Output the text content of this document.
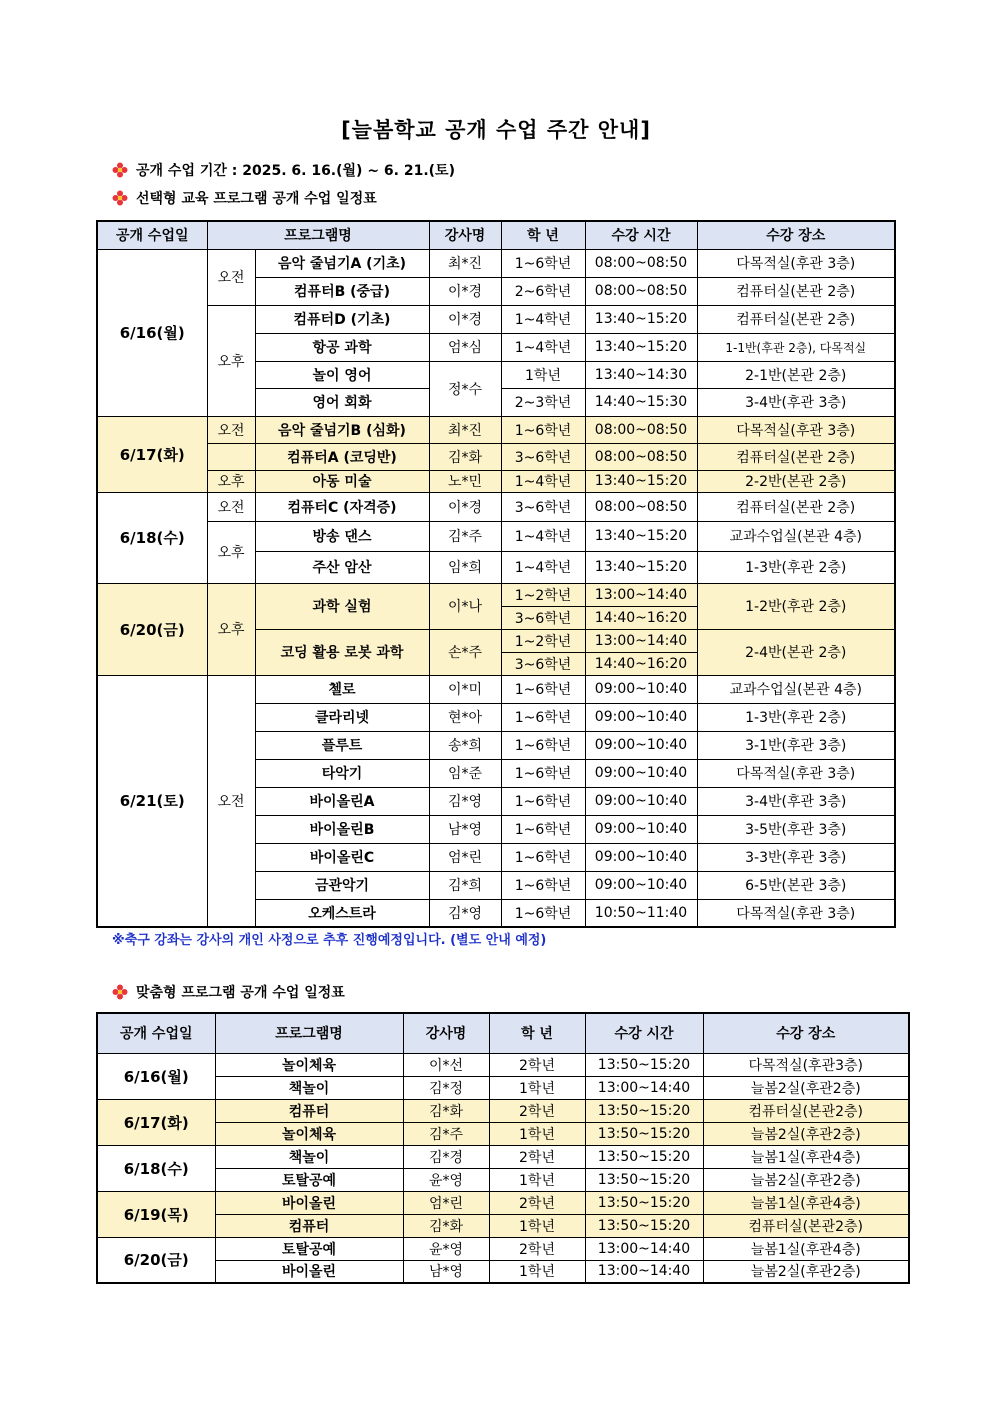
[늘봄학교 공개 수업 주간 안내]
공개 수업 기간 : 2025. 6. 16.(월) ~ 6. 21.(토)
선택형 교육 프로그램 공개 수업 일정표
공개 수업일	프로그램명		강사명	학 년	수강 시간	수강 장소
6/16(월)	오전	음악 줄넘기A (기초)	최*진	1~6학년	08:00~08:50	다목적실(후관 3층)
		컴퓨터B (중급)	이*경	2~6학년	08:00~08:50	컴퓨터실(본관 2층)
	오후	컴퓨터D (기초)	이*경	1~4학년	13:40~15:20	컴퓨터실(본관 2층)
		항공 과학	엄*심	1~4학년	13:40~15:20	1-1반(후관 2층), 다목적실
		놀이 영어	정*수	1학년	13:40~14:30	2-1반(본관 2층)
		영어 회화		2~3학년	14:40~15:30	3-4반(후관 3층)
6/17(화)	오전	음악 줄넘기B (심화)	최*진	1~6학년	08:00~08:50	다목적실(후관 3층)
		컴퓨터A (코딩반)	김*화	3~6학년	08:00~08:50	컴퓨터실(본관 2층)
	오후	아동 미술	노*민	1~4학년	13:40~15:20	2-2반(본관 2층)
6/18(수)	오전	컴퓨터C (자격증)	이*경	3~6학년	08:00~08:50	컴퓨터실(본관 2층)
	오후	방송 댄스	김*주	1~4학년	13:40~15:20	교과수업실(본관 4층)
		주산 암산	임*희	1~4학년	13:40~15:20	1-3반(후관 2층)
6/20(금)	오후	과학 실험	이*나	1~2학년	13:00~14:40	1-2반(후관 2층)
				3~6학년	14:40~16:20	
		코딩 활용 로봇 과학	손*주	1~2학년	13:00~14:40	2-4반(본관 2층)
				3~6학년	14:40~16:20	
6/21(토)	오전	첼로	이*미	1~6학년	09:00~10:40	교과수업실(본관 4층)
		클라리넷	현*아	1~6학년	09:00~10:40	1-3반(후관 2층)
		플루트	송*희	1~6학년	09:00~10:40	3-1반(후관 3층)
		타악기	임*준	1~6학년	09:00~10:40	다목적실(후관 3층)
		바이올린A	김*영	1~6학년	09:00~10:40	3-4반(후관 3층)
		바이올린B	남*영	1~6학년	09:00~10:40	3-5반(후관 3층)
		바이올린C	엄*린	1~6학년	09:00~10:40	3-3반(후관 3층)
		금관악기	김*희	1~6학년	09:00~10:40	6-5반(본관 3층)
		오케스트라	김*영	1~6학년	10:50~11:40	다목적실(후관 3층)
※축구 강좌는 강사의 개인 사정으로 추후 진행예정입니다. (별도 안내 예정)
맞춤형 프로그램 공개 수업 일정표
공개 수업일	프로그램명	강사명	학 년	수강 시간	수강 장소
6/16(월)	놀이체육	이*선	2학년	13:50~15:20	다목적실(후관3층)
	책놀이	김*정	1학년	13:00~14:40	늘봄2실(후관2층)
6/17(화)	컴퓨터	김*화	2학년	13:50~15:20	컴퓨터실(본관2층)
	놀이체육	김*주	1학년	13:50~15:20	늘봄2실(후관2층)
6/18(수)	책놀이	김*경	2학년	13:50~15:20	늘봄1실(후관4층)
	토탈공예	윤*영	1학년	13:50~15:20	늘봄2실(후관2층)
6/19(목)	바이올린	엄*린	2학년	13:50~15:20	늘봄1실(후관4층)
	컴퓨터	김*화	1학년	13:50~15:20	컴퓨터실(본관2층)
6/20(금)	토탈공예	윤*영	2학년	13:00~14:40	늘봄1실(후관4층)
	바이올린	남*영	1학년	13:00~14:40	늘봄2실(후관2층)
